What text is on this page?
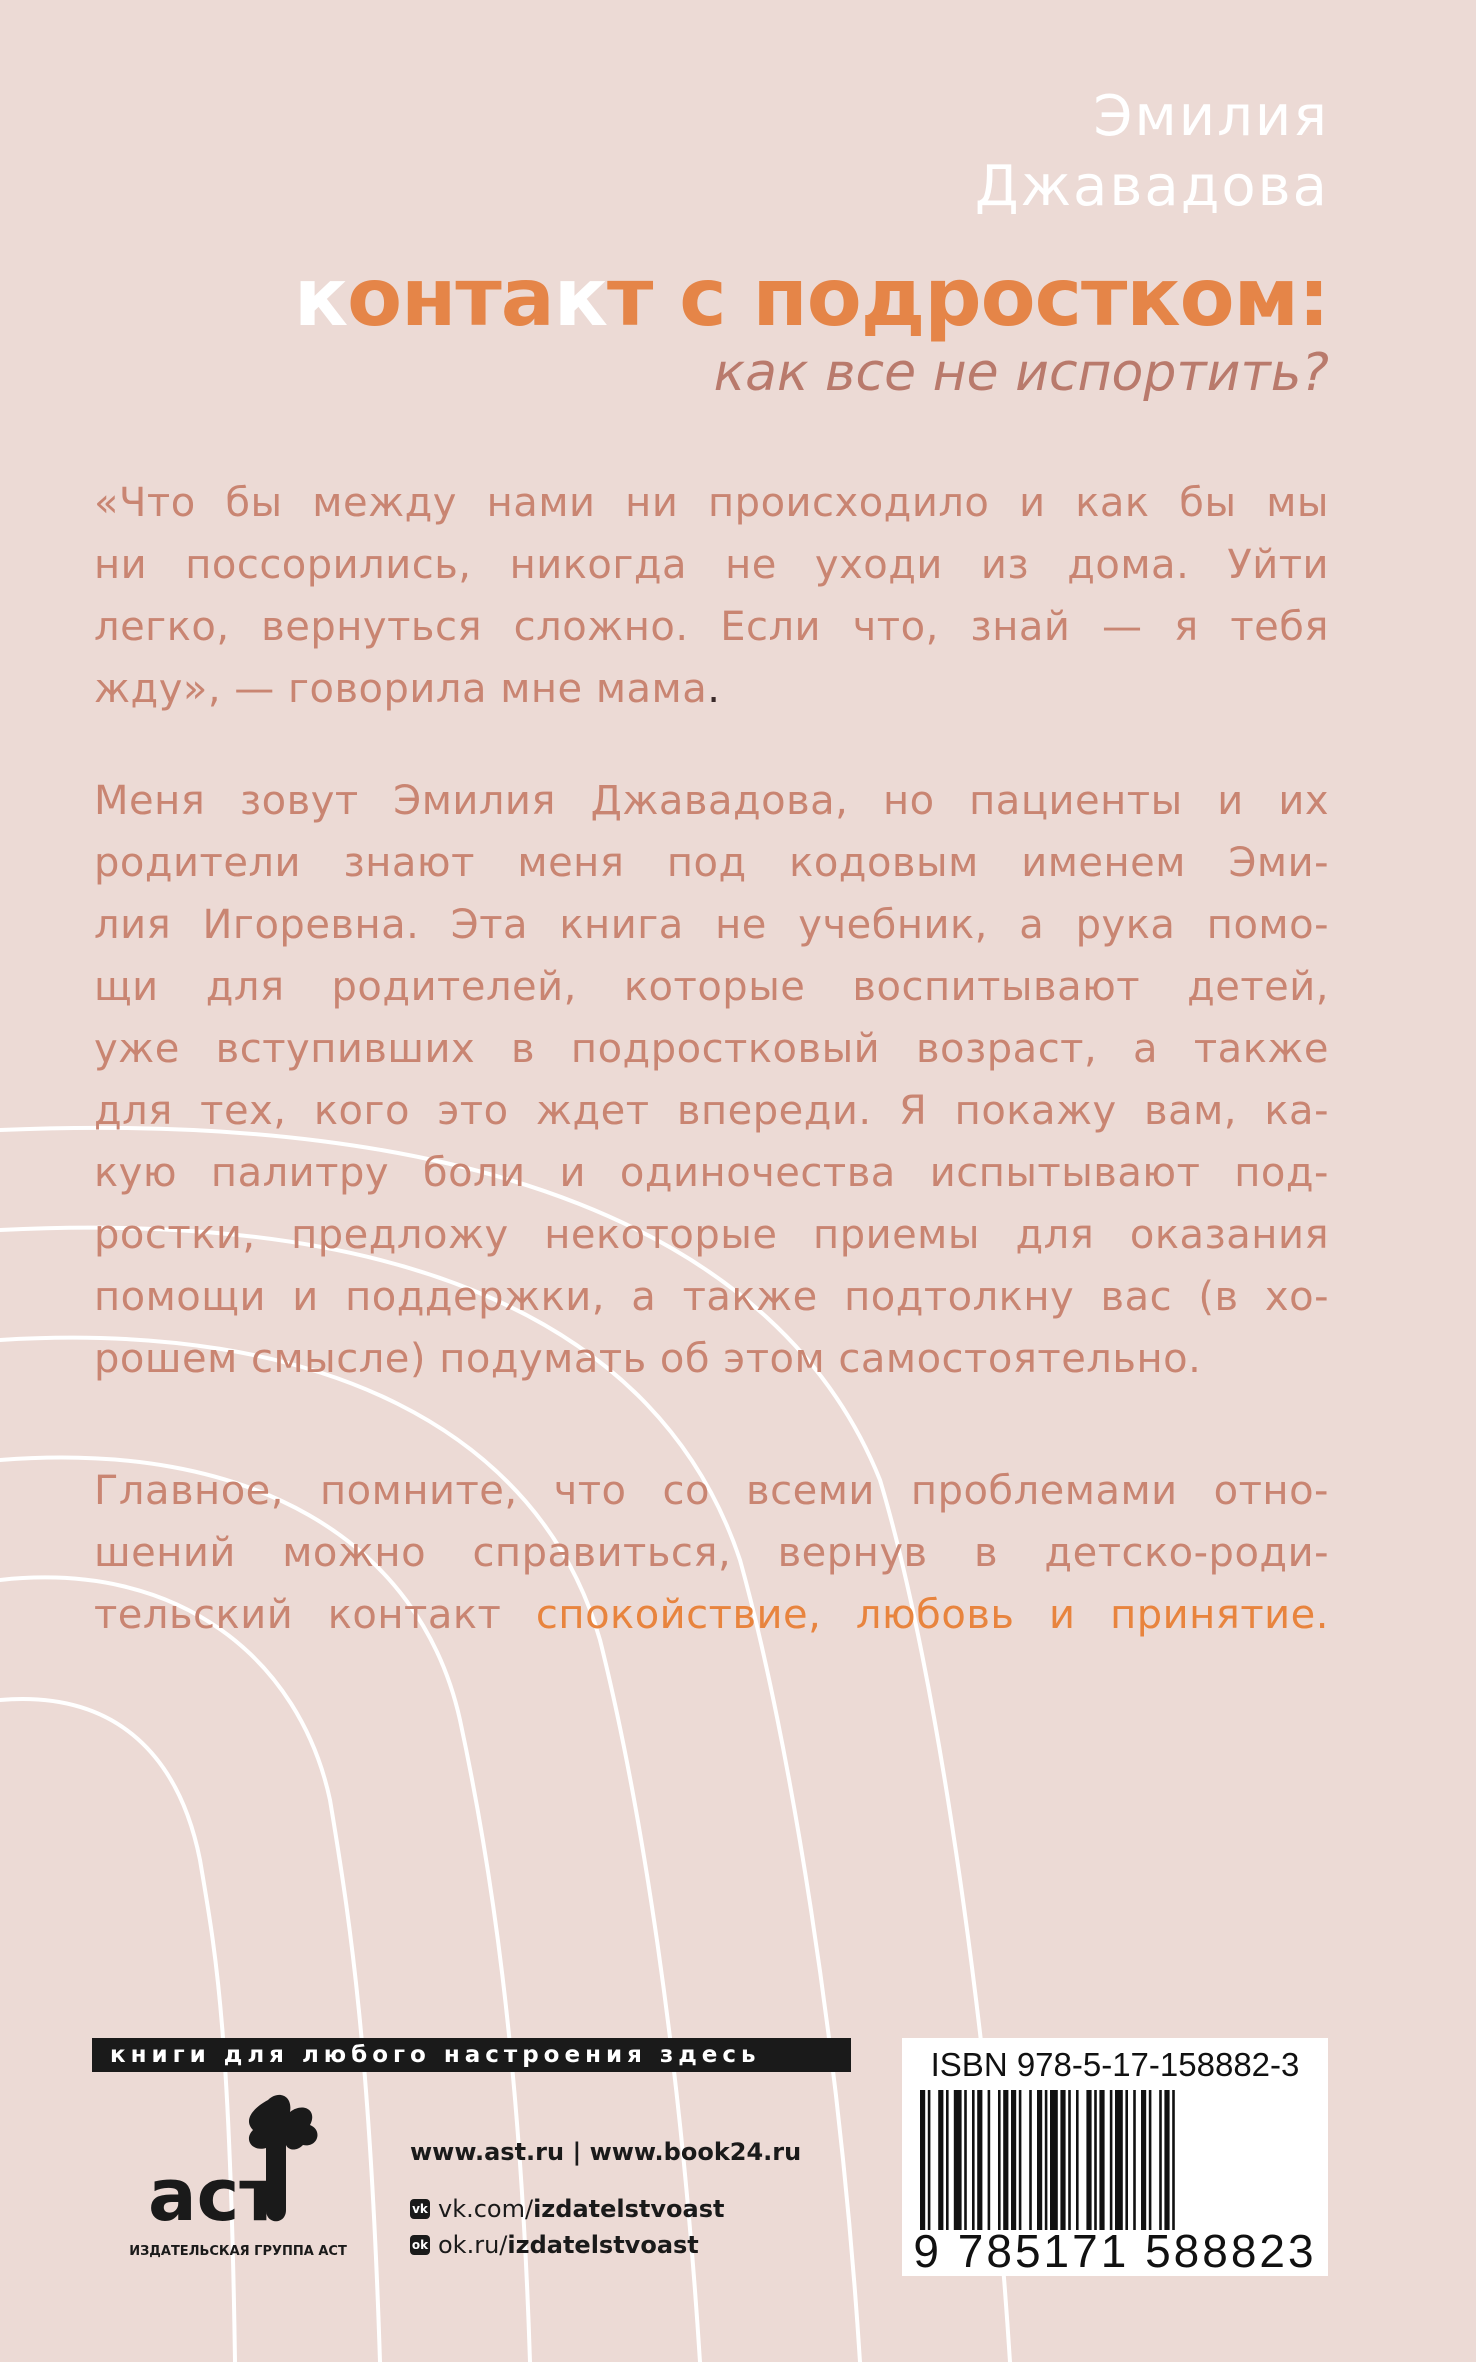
Эмилия
Джавадова
контакт с подростком:
как все не испортить?
«Что бы между нами ни происходило и как бы мы
ни поссорились, никогда не уходи из дома. Уйти
легко, вернуться сложно. Если что, знай — я тебя
жду», — говорила мне мама.
Меня зовут Эмилия Джавадова, но пациенты и их
родители знают меня под кодовым именем Эми-
лия Игоревна. Эта книга не учебник, а рука помо-
щи для родителей, которые воспитывают детей,
уже вступивших в подростковый возраст, а также
для тех, кого это ждет впереди. Я покажу вам, ка-
кую палитру боли и одиночества испытывают под-
ростки, предложу некоторые приемы для оказания
помощи и поддержки, а также подтолкну вас (в хо-
рошем смысле) подумать об этом самостоятельно.
Главное, помните, что со всеми проблемами отно-
шений можно справиться, вернув в детско-роди-
тельский контакт спокойствие, любовь и принятие.
книги для любого настроения здесь
аст
ИЗДАТЕЛЬСКАЯ ГРУППА АСТ
www.ast.ru | www.book24.ru
vk vk.com/ izdatelstvoast
ok ok.ru/ izdatelstvoast
ISBN 978-5-17-158882-3
9 785171 588823
